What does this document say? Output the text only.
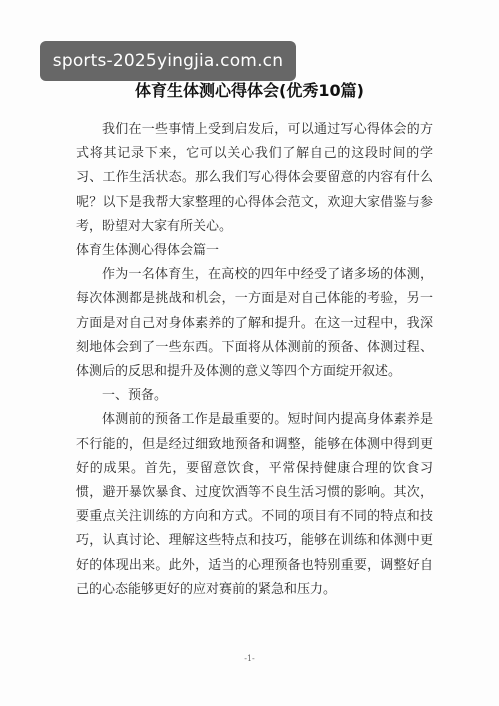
sports-2025yingjia.com.cn
体育生体测心得体会(优秀10篇)

我们在一些事情上受到启发后，可以通过写心得体会的方式将其记录下来，它可以关心我们了解自己的这段时间的学习、工作生活状态。那么我们写心得体会要留意的内容有什么呢？以下是我帮大家整理的心得体会范文，欢迎大家借鉴与参考，盼望对大家有所关心。

体育生体测心得体会篇一

作为一名体育生，在高校的四年中经受了诸多场的体测，每次体测都是挑战和机会，一方面是对自己体能的考验，另一方面是对自己对身体素养的了解和提升。在这一过程中，我深刻地体会到了一些东西。下面将从体测前的预备、体测过程、体测后的反思和提升及体测的意义等四个方面绽开叙述。

一、预备。

体测前的预备工作是最重要的。短时间内提高身体素养是不行能的，但是经过细致地预备和调整，能够在体测中得到更好的成果。首先，要留意饮食，平常保持健康合理的饮食习惯，避开暴饮暴食、过度饮酒等不良生活习惯的影响。其次，要重点关注训练的方向和方式。不同的项目有不同的特点和技巧，认真讨论、理解这些特点和技巧，能够在训练和体测中更好的体现出来。此外，适当的心理预备也特别重要，调整好自己的心态能够更好的应对赛前的紧急和压力。

-1-
